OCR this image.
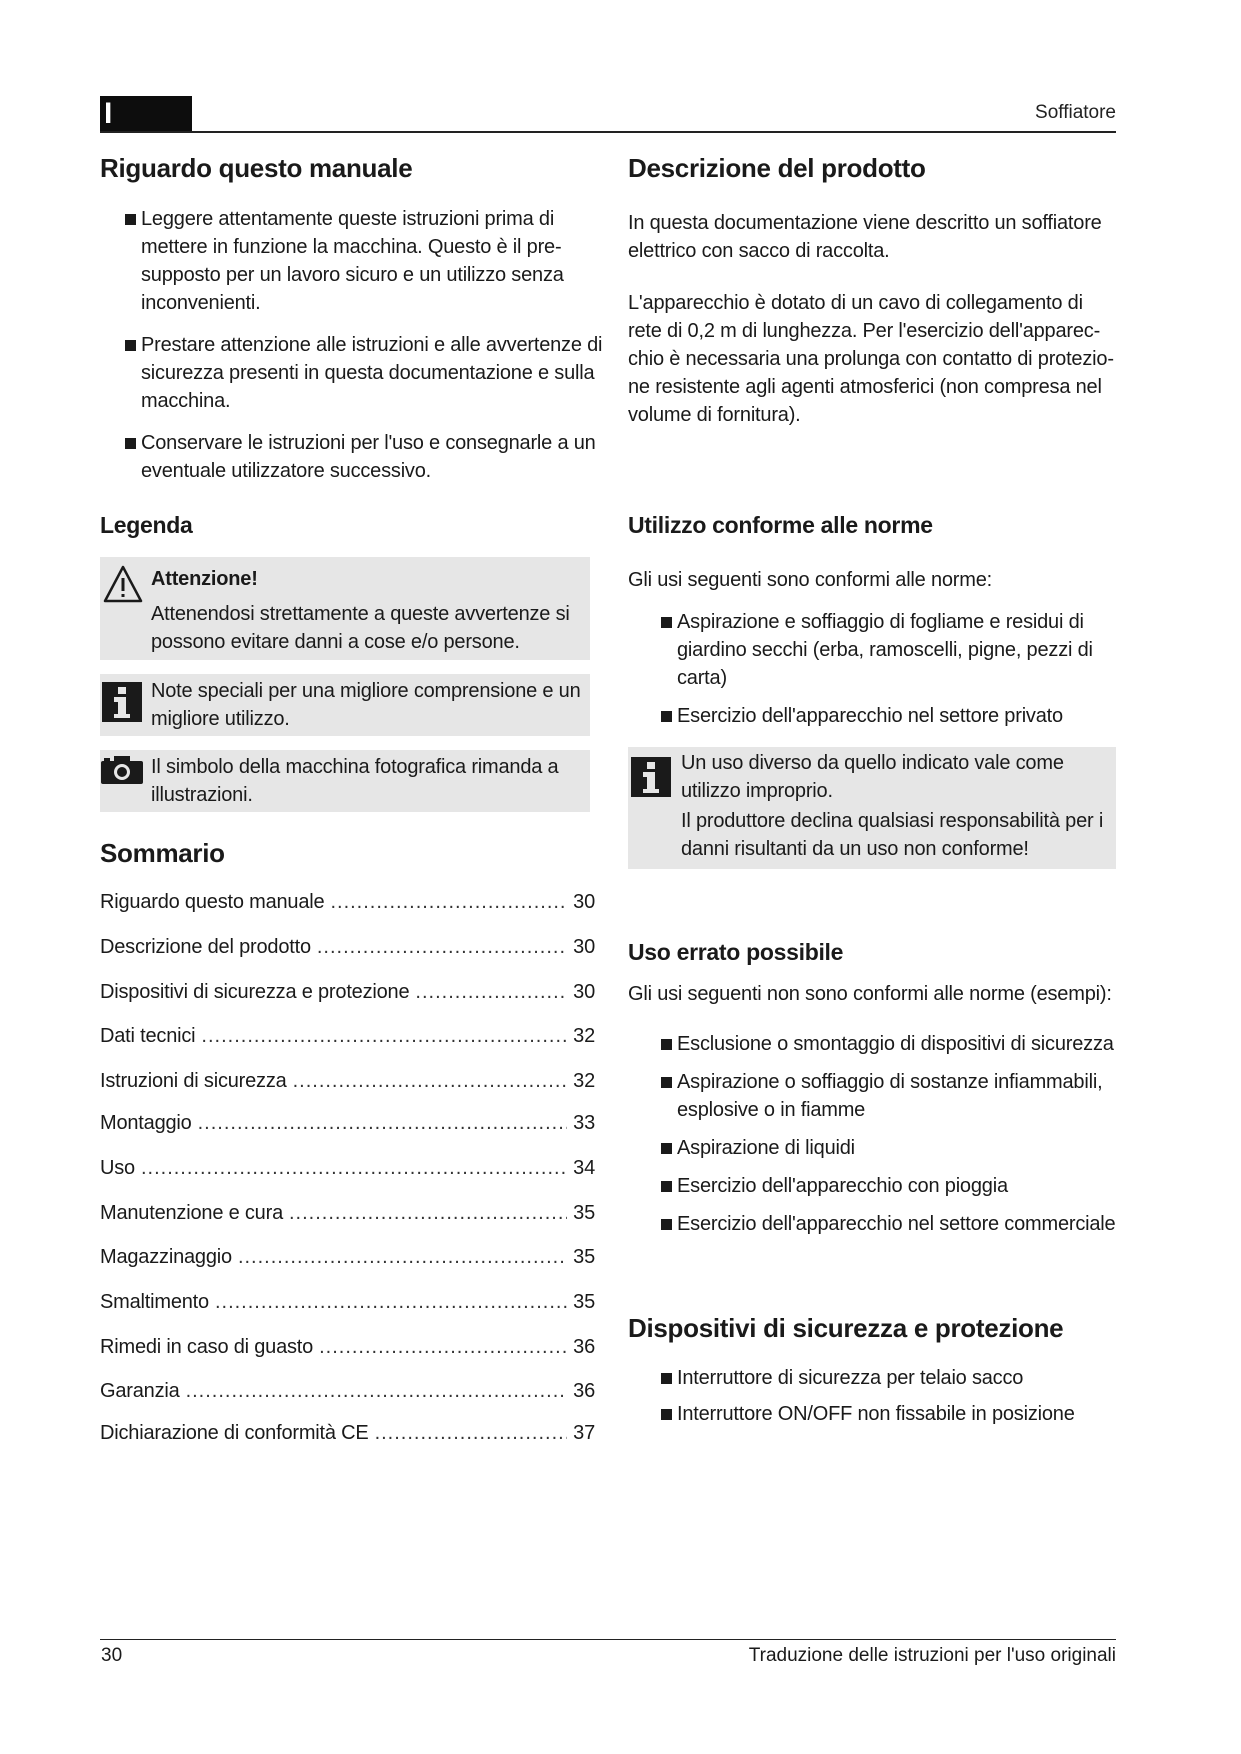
I	Soffiatore
Riguardo questo manuale
Leggere attentamente queste istruzioni prima di mettere in funzione la macchina. Questo è il pre-supposto per un lavoro sicuro e un utilizzo senza inconvenienti.
Prestare attenzione alle istruzioni e alle avvertenze di sicurezza presenti in questa documentazione e sulla macchina.
Conservare le istruzioni per l'uso e consegnarle a un eventuale utilizzatore successivo.
Legenda
Attenzione!
Attenendosi strettamente a queste avvertenze si possono evitare danni a cose e/o persone.
Note speciali per una migliore comprensione e un migliore utilizzo.
Il simbolo della macchina fotografica rimanda a illustrazioni.
Sommario
Riguardo questo manuale .....	30
Descrizione del prodotto .....	30
Dispositivi di sicurezza e protezione .....	30
Dati tecnici .....	32
Istruzioni di sicurezza .....	32
Montaggio .....	33
Uso .....	34
Manutenzione e cura .....	35
Magazzinaggio .....	35
Smaltimento .....	35
Rimedi in caso di guasto .....	36
Garanzia .....	36
Dichiarazione di conformità CE .....	37
Descrizione del prodotto

In questa documentazione viene descritto un soffiatore elettrico con sacco di raccolta.

L'apparecchio è dotato di un cavo di collegamento di rete di 0,2 m di lunghezza. Per l'esercizio dell'apparec-chio è necessaria una prolunga con contatto di protezio-ne resistente agli agenti atmosferici (non compresa nel volume di fornitura).

Utilizzo conforme alle norme

Gli usi seguenti sono conformi alle norme:

Aspirazione e soffiaggio di fogliame e residui di giardino secchi (erba, ramoscelli, pigne, pezzi di carta)
Esercizio dell'apparecchio nel settore privato
Un uso diverso da quello indicato vale come utilizzo improprio.
Il produttore declina qualsiasi responsabilità per i danni risultanti da un uso non conforme!
Uso errato possibile

Gli usi seguenti non sono conformi alle norme (esempi):

Esclusione o smontaggio di dispositivi di sicurezza
Aspirazione o soffiaggio di sostanze infiammabili, esplosive o in fiamme
Aspirazione di liquidi
Esercizio dell'apparecchio con pioggia
Esercizio dell'apparecchio nel settore commerciale
Dispositivi di sicurezza e protezione
Interruttore di sicurezza per telaio sacco
Interruttore ON/OFF non fissabile in posizione
30	Traduzione delle istruzioni per l'uso originali
